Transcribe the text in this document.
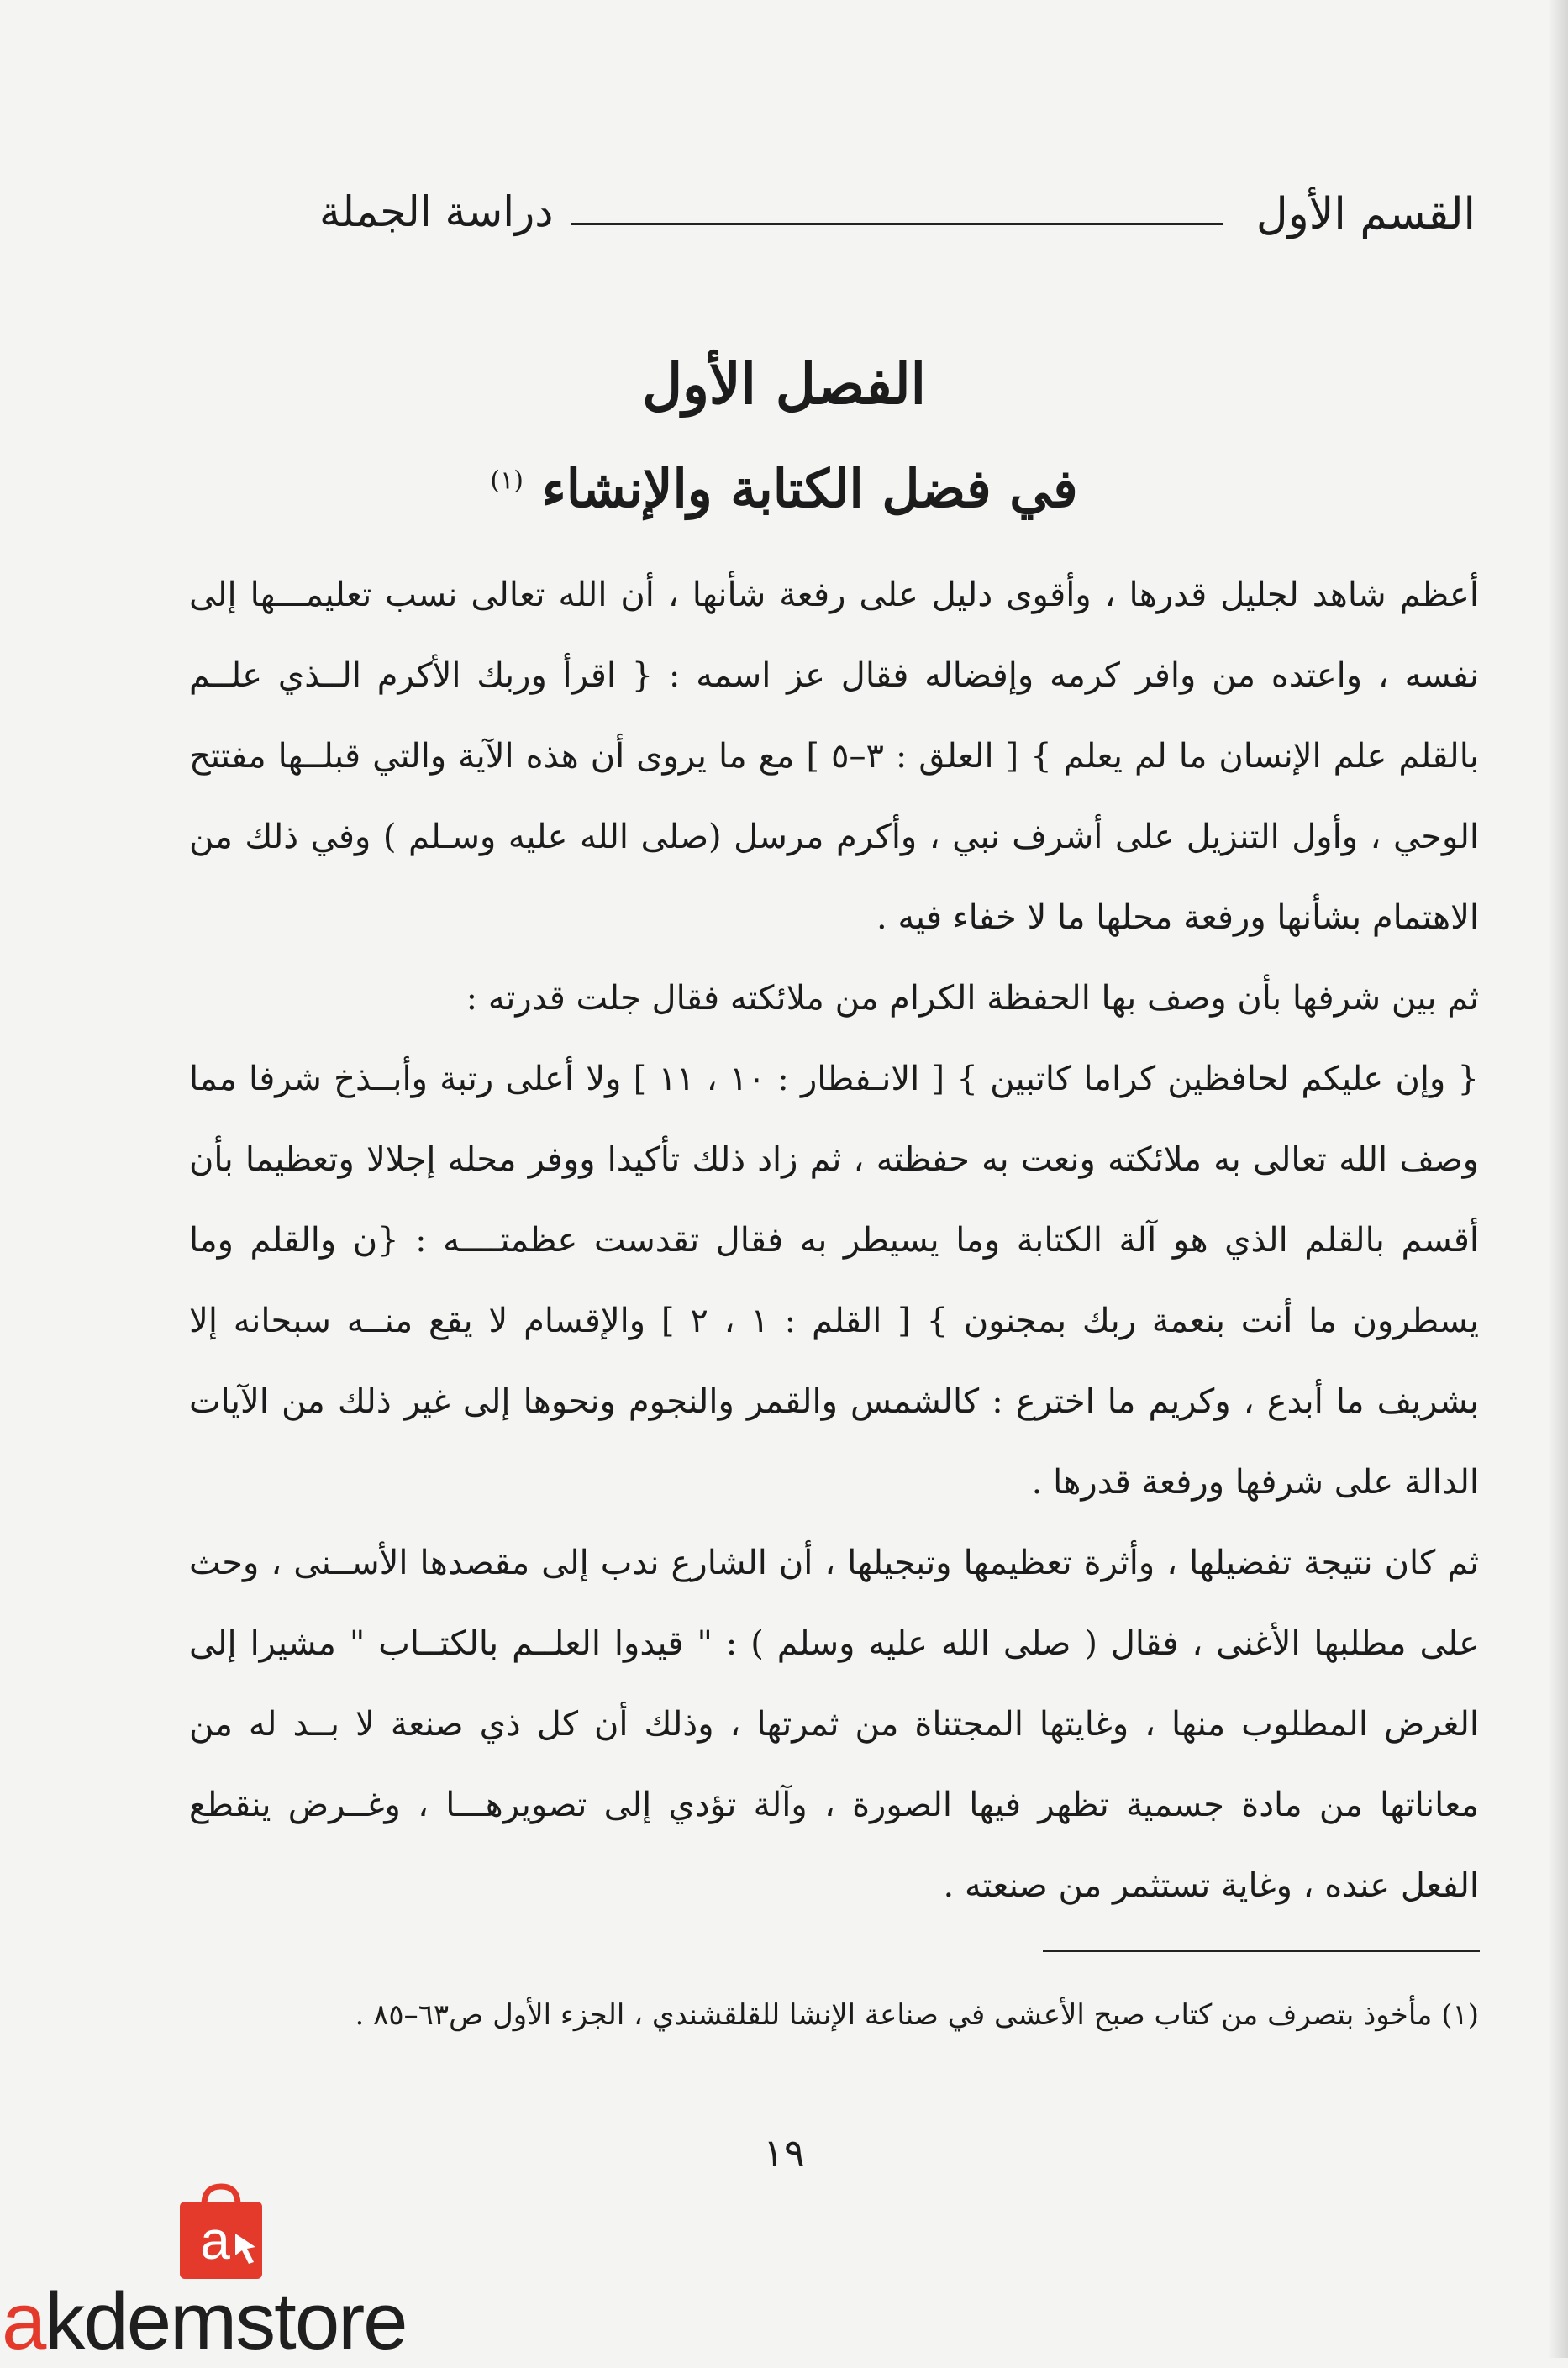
القسم الأول
دراسة الجملة
الفصل الأول
في فضل الكتابة والإنشاء $^{(١)}$

أعظم شاهد لجليل قدرها ، وأقوى دليل على رفعة شأنها ، أن الله تعالى نسب تعليمـــها إلى نفسه ، واعتده من وافر كرمه وإفضاله فقال عز اسمه : { اقرأ وربك الأكرم الــذي علــم بالقلم علم الإنسان ما لم يعلم } [ العلق : ٣–٥ ] مع ما يروى أن هذه الآية والتي قبلــها مفتتح الوحي ، وأول التنزيل على أشرف نبي ، وأكرم مرسل (صلى الله عليه وسـلم ) وفي ذلك من الاهتمام بشأنها ورفعة محلها ما لا خفاء فيه .

ثم بين شرفها بأن وصف بها الحفظة الكرام من ملائكته فقال جلت قدرته :

{ وإن عليكم لحافظين كراما كاتبين } [ الانـفطار : ١٠ ، ١١ ] ولا أعلى رتبة وأبــذخ شرفا مما وصف الله تعالى به ملائكته ونعت به حفظته ، ثم زاد ذلك تأكيدا ووفر محله إجلالا وتعظيما بأن أقسم بالقلم الذي هو آلة الكتابة وما يسيطر به فقال تقدست عظمتــــه : {ن والقلم وما يسطرون ما أنت بنعمة ربك بمجنون } [ القلم : ١ ، ٢ ] والإقسام لا يقع منــه سبحانه إلا بشريف ما أبدع ، وكريم ما اخترع : كالشمس والقمر والنجوم ونحوها إلى غير ذلك من الآيات الدالة على شرفها ورفعة قدرها .

ثم كان نتيجة تفضيلها ، وأثرة تعظيمها وتبجيلها ، أن الشارع ندب إلى مقصدها الأســنى ، وحث على مطلبها الأغنى ، فقال ( صلى الله عليه وسلم ) : " قيدوا العلــم بالكتــاب " مشيرا إلى الغرض المطلوب منها ، وغايتها المجتناة من ثمرتها ، وذلك أن كل ذي صنعة لا بــد له من معاناتها من مادة جسمية تظهر فيها الصورة ، وآلة تؤدي إلى تصويرهـــا ، وغــرض ينقطع الفعل عنده ، وغاية تستثمر من صنعته .

(١) مأخوذ بتصرف من كتاب صبح الأعشى في صناعة الإنشا للقلقشندي ، الجزء الأول ص٦٣–٨٥ .
١٩
a
akdemstore
